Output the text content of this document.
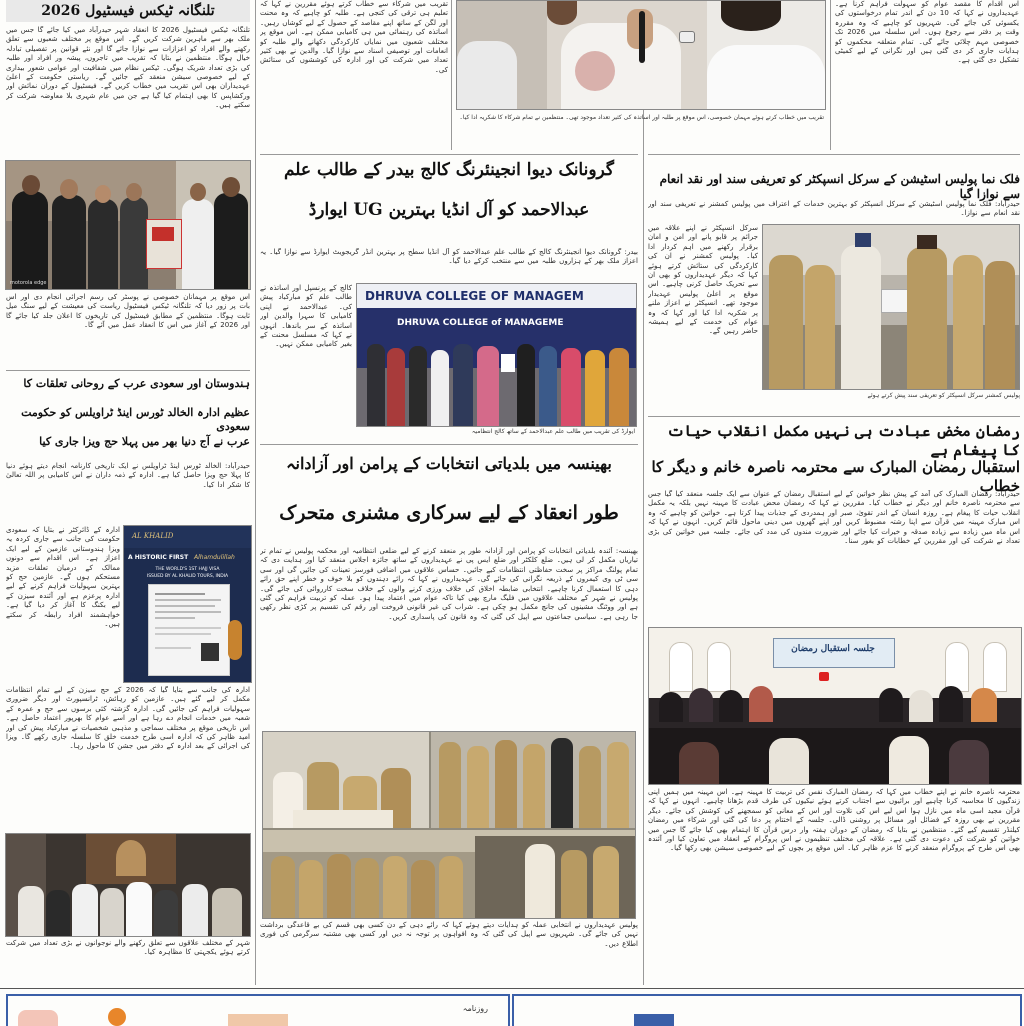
تلنگانہ ٹیکس فیسٹیول 2026
تلنگانہ ٹیکس فیسٹیول 2026 کا انعقاد شہر حیدرآباد میں کیا جائے گا جس میں ملک بھر سے ماہرین شرکت کریں گے۔ اس موقع پر مختلف شعبوں سے تعلق رکھنے والے افراد کو اعزازات سے نوازا جائے گا اور نئے قوانین پر تفصیلی تبادلہ خیال ہوگا۔ منتظمین نے بتایا کہ تقریب میں تاجروں، پیشہ ور افراد اور طلبہ کی بڑی تعداد شریک ہوگی۔ ٹیکس نظام میں شفافیت اور عوامی شعور بیداری کے لیے خصوصی سیشن منعقد کیے جائیں گے۔ ریاستی حکومت کے اعلیٰ عہدیداران بھی اس تقریب میں خطاب کریں گے۔ فیسٹیول کے دوران نمائش اور ورکشاپس کا بھی اہتمام کیا گیا ہے جن میں عام شہری بلا معاوضہ شرکت کر سکتے ہیں۔
motorola edge
اس موقع پر مہمانان خصوصی نے پوسٹر کی رسم اجرائی انجام دی اور اس بات پر زور دیا کہ تلنگانہ ٹیکس فیسٹیول ریاست کی معیشت کے لیے سنگ میل ثابت ہوگا۔ منتظمین کے مطابق فیسٹیول کی تاریخوں کا اعلان جلد کیا جائے گا اور 2026 کے آغاز میں اس کا انعقاد عمل میں آئے گا۔
ہندوستان اور سعودی عرب کے روحانی تعلقات کا
عظیم ادارہ الخالد ٹورس اینڈ ٹراویلس کو حکومت سعودی
عرب نے آج دنیا بھر میں پہلا حج ویزا جاری کیا
حیدرآباد: الخالد ٹورس اینڈ ٹراویلس نے ایک تاریخی کارنامہ انجام دیتے ہوئے دنیا کا پہلا حج ویزا حاصل کیا ہے۔ ادارہ کے ذمہ داران نے اس کامیابی پر اللہ تعالیٰ کا شکر ادا کیا۔
ادارہ کے ڈائرکٹر نے بتایا کہ سعودی حکومت کی جانب سے جاری کردہ یہ ویزا ہندوستانی عازمین کے لیے ایک اعزاز ہے۔ اس اقدام سے دونوں ممالک کے درمیان تعلقات مزید مستحکم ہوں گے۔ عازمین حج کو بہترین سہولیات فراہم کرنے کے لیے ادارہ پرعزم ہے اور آئندہ سیزن کے لیے بکنگ کا آغاز کر دیا گیا ہے۔ خواہشمند افراد رابطہ کر سکتے ہیں۔
AL KHALID
A HISTORIC FIRST Alhamdulillah
THE WORLD'S 1ST HAJJ VISA
ISSUED BY AL KHALID TOURS, INDIA
ادارہ کی جانب سے بتایا گیا کہ 2026 کے حج سیزن کے لیے تمام انتظامات مکمل کر لیے گئے ہیں۔ عازمین کو رہائش، ٹرانسپورٹ اور دیگر ضروری سہولیات فراہم کی جائیں گی۔ ادارہ گزشتہ کئی برسوں سے حج و عمرہ کے شعبہ میں خدمات انجام دے رہا ہے اور اسے عوام کا بھرپور اعتماد حاصل ہے۔ اس تاریخی موقع پر مختلف سماجی و مذہبی شخصیات نے مبارکباد پیش کی اور امید ظاہر کی کہ ادارہ اسی طرح خدمت خلق کا سلسلہ جاری رکھے گا۔ ویزا کی اجرائی کے بعد ادارہ کے دفتر میں جشن کا ماحول رہا۔
شہر کے مختلف علاقوں سے تعلق رکھنے والے نوجوانوں نے بڑی تعداد میں شرکت کرتے ہوئے یکجہتی کا مظاہرہ کیا۔
تقریب میں شرکاء سے خطاب کرتے ہوئے مقررین نے کہا کہ تعلیم ہی ترقی کی کنجی ہے۔ طلبہ کو چاہیے کہ وہ محنت اور لگن کے ساتھ اپنے مقاصد کے حصول کے لیے کوشاں رہیں۔ اساتذہ کی رہنمائی میں ہی کامیابی ممکن ہے۔ اس موقع پر مختلف شعبوں میں نمایاں کارکردگی دکھانے والے طلبہ کو انعامات اور توصیفی اسناد سے نوازا گیا۔ والدین نے بھی کثیر تعداد میں شرکت کی اور ادارہ کی کوششوں کی ستائش کی۔
تقریب میں خطاب کرتے ہوئے مہمان خصوصی، اس موقع پر طلبہ اور اساتذہ کی کثیر تعداد موجود تھی۔ منتظمین نے تمام شرکاء کا شکریہ ادا کیا۔
گرونانک دیوا انجینئرنگ کالج بیدر کے طالب علم
عبدالاحمد کو آل انڈیا بہترین UG ایوارڈ
بیدر: گرونانک دیوا انجینئرنگ کالج کے طالب علم عبدالاحمد کو آل انڈیا سطح پر بہترین انڈر گریجویٹ ایوارڈ سے نوازا گیا۔ یہ اعزاز ملک بھر کے ہزاروں طلبہ میں سے منتخب کرکے دیا گیا۔
کالج کے پرنسپل اور اساتذہ نے طالب علم کو مبارکباد پیش کی۔ عبدالاحمد نے اپنی کامیابی کا سہرا والدین اور اساتذہ کے سر باندھا۔ انہوں نے کہا کہ مسلسل محنت کے بغیر کامیابی ممکن نہیں۔
DHRUVA COLLEGE OF MANAGEM
DHRUVA COLLEGE of MANAGEME
ایوارڈ کی تقریب میں طالب علم عبدالاحمد کے ساتھ کالج انتظامیہ
بھینسہ میں بلدیاتی انتخابات کے پرامن اور آزادانہ
طور انعقاد کے لیے سرکاری مشنری متحرک
بھینسہ: آئندہ بلدیاتی انتخابات کو پرامن اور آزادانہ طور پر منعقد کرنے کے لیے ضلعی انتظامیہ اور محکمہ پولیس نے تمام تر تیاریاں مکمل کر لی ہیں۔ ضلع کلکٹر اور ضلع ایس پی نے عہدیداروں کے ساتھ جائزہ اجلاس منعقد کیا اور ہدایت دی کہ تمام پولنگ مراکز پر سخت حفاظتی انتظامات کیے جائیں۔ حساس علاقوں میں اضافی فورسز تعینات کی جائیں گی اور سی سی ٹی وی کیمروں کے ذریعہ نگرانی کی جائے گی۔ عہدیداروں نے کہا کہ رائے دہندوں کو بلا خوف و خطر اپنے حق رائے دہی کا استعمال کرنا چاہیے۔ انتخابی ضابطہ اخلاق کی خلاف ورزی کرنے والوں کے خلاف سخت کارروائی کی جائے گی۔ پولیس نے شہر کے مختلف علاقوں میں فلیگ مارچ بھی کیا تاکہ عوام میں اعتماد پیدا ہو۔ عملہ کو تربیت فراہم کی گئی ہے اور ووٹنگ مشینوں کی جانچ مکمل ہو چکی ہے۔ شراب کی غیر قانونی فروخت اور رقم کی تقسیم پر کڑی نظر رکھی جا رہی ہے۔ سیاسی جماعتوں سے اپیل کی گئی کہ وہ قانون کی پاسداری کریں۔
پولیس عہدیداروں نے انتخابی عملہ کو ہدایات دیتے ہوئے کہا کہ رائے دہی کے دن کسی بھی قسم کی بے قاعدگی برداشت نہیں کی جائے گی۔ شہریوں سے اپیل کی گئی کہ وہ افواہوں پر توجہ نہ دیں اور کسی بھی مشتبہ سرگرمی کی فوری اطلاع دیں۔
اس اقدام کا مقصد عوام کو سہولت فراہم کرنا ہے۔ عہدیداروں نے کہا کہ 10 دن کے اندر تمام درخواستوں کی یکسوئی کی جائے گی۔ شہریوں کو چاہیے کہ وہ مقررہ وقت پر دفتر سے رجوع ہوں۔ اس سلسلہ میں 2026 تک خصوصی مہم چلائی جائے گی۔ تمام متعلقہ محکموں کو ہدایات جاری کر دی گئی ہیں اور نگرانی کے لیے کمیٹی تشکیل دی گئی ہے۔
فلک نما پولیس اسٹیشن کے سرکل انسپکٹر کو تعریفی سند اور نقد انعام سے نوازا گیا
حیدرآباد: فلک نما پولیس اسٹیشن کے سرکل انسپکٹر کو بہترین خدمات کے اعتراف میں پولیس کمشنر نے تعریفی سند اور نقد انعام سے نوازا۔
سرکل انسپکٹر نے اپنے علاقہ میں جرائم پر قابو پانے اور امن و امان برقرار رکھنے میں اہم کردار ادا کیا۔ پولیس کمشنر نے ان کی کارکردگی کی ستائش کرتے ہوئے کہا کہ دیگر عہدیداروں کو بھی ان سے تحریک حاصل کرنی چاہیے۔ اس موقع پر اعلیٰ پولیس عہدیدار موجود تھے۔ انسپکٹر نے اعزاز ملنے پر شکریہ ادا کیا اور کہا کہ وہ عوام کی خدمت کے لیے ہمیشہ حاضر رہیں گے۔
پولیس کمشنر سرکل انسپکٹر کو تعریفی سند پیش کرتے ہوئے
رمضان مخض عبادت ہی نہیں مکمل انقلاب حیات کا پیغام ہے
استقبال رمضان المبارک سے محترمہ ناصرہ خانم و دیگر کا خطاب
حیدرآباد: رمضان المبارک کی آمد کے پیش نظر خواتین کے لیے استقبال رمضان کے عنوان سے ایک جلسہ منعقد کیا گیا جس سے محترمہ ناصرہ خانم اور دیگر نے خطاب کیا۔ مقررین نے کہا کہ رمضان محض عبادت کا مہینہ نہیں بلکہ یہ مکمل انقلاب حیات کا پیغام ہے۔ روزہ انسان کے اندر تقویٰ، صبر اور ہمدردی کے جذبات پیدا کرتا ہے۔ خواتین کو چاہیے کہ وہ اس مبارک مہینہ میں قرآن سے اپنا رشتہ مضبوط کریں اور اپنے گھروں میں دینی ماحول قائم کریں۔ انہوں نے کہا کہ اس ماہ میں زیادہ سے زیادہ صدقہ و خیرات کیا جائے اور ضرورت مندوں کی مدد کی جائے۔ جلسہ میں خواتین کی بڑی تعداد نے شرکت کی اور مقررین کے خطابات کو بغور سنا۔
جلسہ استقبال رمضان
محترمہ ناصرہ خانم نے اپنے خطاب میں کہا کہ رمضان المبارک نفس کی تربیت کا مہینہ ہے۔ اس مہینہ میں ہمیں اپنی زندگیوں کا محاسبہ کرنا چاہیے اور برائیوں سے اجتناب کرتے ہوئے نیکیوں کی طرف قدم بڑھانا چاہیے۔ انہوں نے کہا کہ قرآن مجید اسی ماہ میں نازل ہوا اس لیے اس کی تلاوت اور اس کے معانی کو سمجھنے کی کوشش کی جائے۔ دیگر مقررین نے بھی روزہ کے فضائل اور مسائل پر روشنی ڈالی۔ جلسہ کے اختتام پر دعا کی گئی اور شرکاء میں رمضان کیلنڈر تقسیم کیے گئے۔ منتظمین نے بتایا کہ رمضان کے دوران ہفتہ وار درس قرآن کا اہتمام بھی کیا جائے گا جس میں خواتین کو شرکت کی دعوت دی گئی ہے۔ علاقہ کی مختلف تنظیموں نے اس پروگرام کے انعقاد میں تعاون کیا اور آئندہ بھی اس طرح کے پروگرام منعقد کرنے کا عزم ظاہر کیا۔ اس موقع پر بچوں کے لیے خصوصی سیشن بھی رکھا گیا۔
روزنامہ
